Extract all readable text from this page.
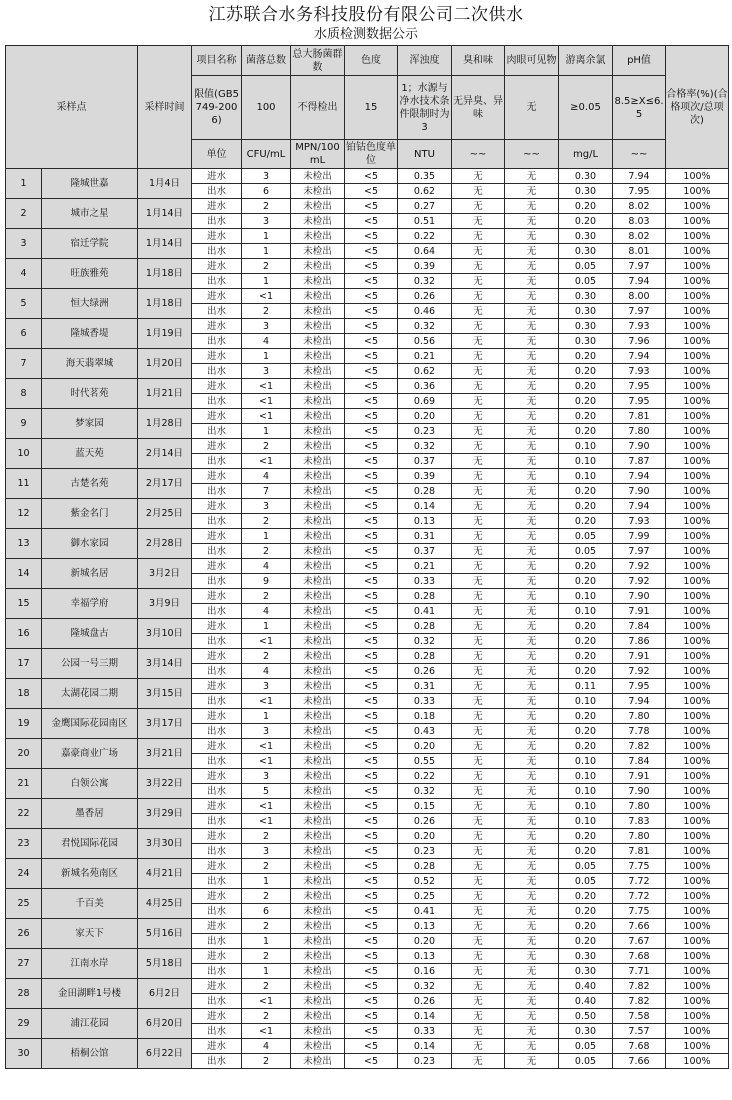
江苏联合水务科技股份有限公司二次供水
水质检测数据公示
采样点		采样时间	项目名称	菌落总数	总大肠菌群数	色度	浑浊度	臭和味	肉眼可见物	游离余氯	pH值	合格率(%)(合格项次/总项次)
			限值(GB5749-2006)	100	不得检出	15	1；水源与净水技术条件限制时为3	无异臭、异味	无	≥0.05	8.5≥X≤6.5	
			单位	CFU/mL	MPN/100mL	铂钴色度单位	NTU	~~	~~	mg/L	~~	
1	隆城世嘉	1月4日	进水	3	未检出	<5	0.35	无	无	0.30	7.94	100%
			出水	6	未检出	<5	0.62	无	无	0.30	7.95	100%
2	城市之星	1月14日	进水	2	未检出	<5	0.27	无	无	0.20	8.02	100%
			出水	3	未检出	<5	0.51	无	无	0.20	8.03	100%
3	宿迁学院	1月14日	进水	1	未检出	<5	0.22	无	无	0.30	8.02	100%
			出水	1	未检出	<5	0.64	无	无	0.30	8.01	100%
4	旺族雅苑	1月18日	进水	2	未检出	<5	0.39	无	无	0.05	7.97	100%
			出水	1	未检出	<5	0.32	无	无	0.05	7.94	100%
5	恒大绿洲	1月18日	进水	<1	未检出	<5	0.26	无	无	0.30	8.00	100%
			出水	2	未检出	<5	0.46	无	无	0.30	7.97	100%
6	隆城香堤	1月19日	进水	3	未检出	<5	0.32	无	无	0.30	7.93	100%
			出水	4	未检出	<5	0.56	无	无	0.30	7.96	100%
7	海天翡翠城	1月20日	进水	1	未检出	<5	0.21	无	无	0.20	7.94	100%
			出水	3	未检出	<5	0.62	无	无	0.20	7.93	100%
8	时代茗苑	1月21日	进水	<1	未检出	<5	0.36	无	无	0.20	7.95	100%
			出水	<1	未检出	<5	0.69	无	无	0.20	7.95	100%
9	梦家园	1月28日	进水	<1	未检出	<5	0.20	无	无	0.20	7.81	100%
			出水	1	未检出	<5	0.23	无	无	0.20	7.80	100%
10	蓝天苑	2月14日	进水	2	未检出	<5	0.32	无	无	0.10	7.90	100%
			出水	<1	未检出	<5	0.37	无	无	0.10	7.87	100%
11	古楚名苑	2月17日	进水	4	未检出	<5	0.39	无	无	0.10	7.94	100%
			出水	7	未检出	<5	0.28	无	无	0.20	7.90	100%
12	紫金名门	2月25日	进水	3	未检出	<5	0.14	无	无	0.20	7.94	100%
			出水	2	未检出	<5	0.13	无	无	0.20	7.93	100%
13	御水家园	2月28日	进水	1	未检出	<5	0.31	无	无	0.05	7.99	100%
			出水	2	未检出	<5	0.37	无	无	0.05	7.97	100%
14	新城名居	3月2日	进水	4	未检出	<5	0.21	无	无	0.20	7.92	100%
			出水	9	未检出	<5	0.33	无	无	0.20	7.92	100%
15	幸福学府	3月9日	进水	2	未检出	<5	0.28	无	无	0.10	7.90	100%
			出水	4	未检出	<5	0.41	无	无	0.10	7.91	100%
16	隆城盘古	3月10日	进水	1	未检出	<5	0.28	无	无	0.20	7.84	100%
			出水	<1	未检出	<5	0.32	无	无	0.20	7.86	100%
17	公园一号三期	3月14日	进水	2	未检出	<5	0.28	无	无	0.20	7.91	100%
			出水	4	未检出	<5	0.26	无	无	0.20	7.92	100%
18	太湖花园二期	3月15日	进水	3	未检出	<5	0.31	无	无	0.11	7.95	100%
			出水	<1	未检出	<5	0.33	无	无	0.10	7.94	100%
19	金鹰国际花园南区	3月17日	进水	1	未检出	<5	0.18	无	无	0.20	7.80	100%
			出水	3	未检出	<5	0.43	无	无	0.20	7.78	100%
20	嘉豪商业广场	3月21日	进水	<1	未检出	<5	0.20	无	无	0.20	7.82	100%
			出水	<1	未检出	<5	0.55	无	无	0.10	7.84	100%
21	白领公寓	3月22日	进水	3	未检出	<5	0.22	无	无	0.10	7.91	100%
			出水	5	未检出	<5	0.32	无	无	0.10	7.90	100%
22	墨香居	3月29日	进水	<1	未检出	<5	0.15	无	无	0.10	7.80	100%
			出水	<1	未检出	<5	0.26	无	无	0.10	7.83	100%
23	君悦国际花园	3月30日	进水	2	未检出	<5	0.20	无	无	0.20	7.80	100%
			出水	3	未检出	<5	0.23	无	无	0.20	7.81	100%
24	新城名苑南区	4月21日	进水	2	未检出	<5	0.28	无	无	0.05	7.75	100%
			出水	1	未检出	<5	0.52	无	无	0.05	7.72	100%
25	千百美	4月25日	进水	2	未检出	<5	0.25	无	无	0.20	7.72	100%
			出水	6	未检出	<5	0.41	无	无	0.20	7.75	100%
26	家天下	5月16日	进水	2	未检出	<5	0.13	无	无	0.20	7.66	100%
			出水	1	未检出	<5	0.20	无	无	0.20	7.67	100%
27	江南水岸	5月18日	进水	2	未检出	<5	0.13	无	无	0.30	7.68	100%
			出水	1	未检出	<5	0.16	无	无	0.30	7.71	100%
28	金田湖畔1号楼	6月2日	进水	2	未检出	<5	0.32	无	无	0.40	7.82	100%
			出水	<1	未检出	<5	0.26	无	无	0.40	7.82	100%
29	浦江花园	6月20日	进水	2	未检出	<5	0.14	无	无	0.50	7.58	100%
			出水	<1	未检出	<5	0.33	无	无	0.30	7.57	100%
30	梧桐公馆	6月22日	进水	4	未检出	<5	0.14	无	无	0.05	7.68	100%
			出水	2	未检出	<5	0.23	无	无	0.05	7.66	100%
